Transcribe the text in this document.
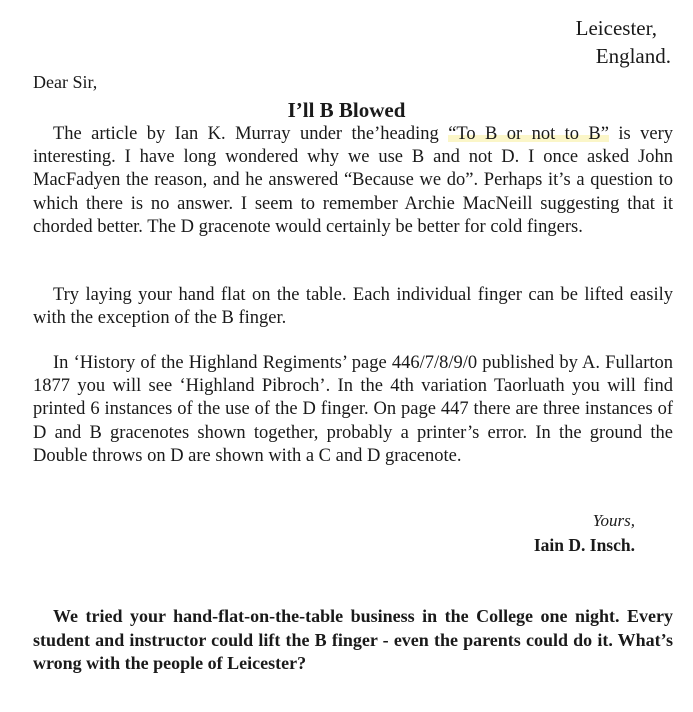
Leicester,
England.
Dear Sir,
I’ll B Blowed

The article by Ian K. Murray under the’heading “To B or not to B” is very interesting. I have long wondered why we use B and not D. I once asked John MacFadyen the reason, and he answered “Because we do”. Perhaps it’s a question to which there is no answer. I seem to remember Archie MacNeill suggesting that it chorded better. The D gracenote would certainly be better for cold fingers.

Try laying your hand flat on the table. Each individual finger can be lifted easily with the exception of the B finger.

In ‘History of the Highland Regiments’ page 446/7/8/9/0 published by A. Fullarton 1877 you will see ‘Highland Pibroch’. In the 4th variation Taorluath you will find printed 6 instances of the use of the D finger. On page 447 there are three instances of D and B gracenotes shown together, probably a printer’s error. In the ground the Double throws on D are shown with a C and D gracenote.

Yours,
Iain D. Insch.

We tried your hand-flat-on-the-table business in the College one night. Every student and instructor could lift the B finger - even the parents could do it. What’s wrong with the people of Leicester?
